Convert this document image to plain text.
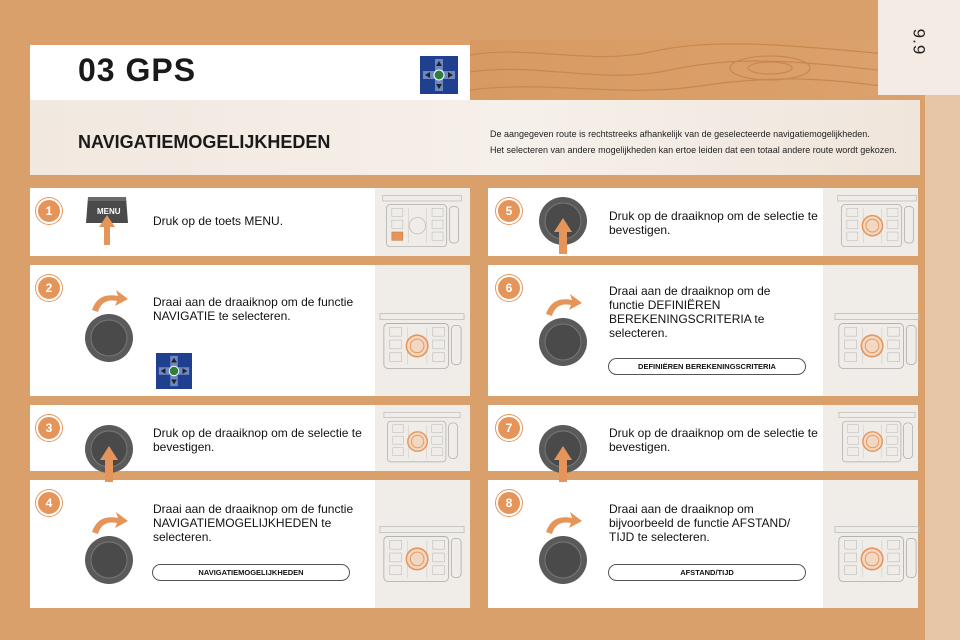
9.9
03 GPS
NAVIGATIEMOGELIJKHEDEN	De aangegeven route is rechtstreeks afhankelijk van de geselecteerde navigatiemogelijkheden.
Het selecteren van andere mogelijkheden kan ertoe leiden dat een totaal andere route wordt gekozen.
1
2
3
4
5
6
7
8
Druk op de toets MENU.
Draai aan de draaiknop om de functie NAVIGATIE te selecteren.
Druk op de draaiknop om de selectie te bevestigen.
Draai aan de draaiknop om de functie NAVIGATIEMOGELIJKHEDEN te selecteren.
Druk op de draaiknop om de selectie te bevestigen.
Draai aan de draaiknop om de functie DEFINIËREN BEREKENINGSCRITERIA te selecteren.
Druk op de draaiknop om de selectie te bevestigen.
Draai aan de draaiknop om bijvoorbeeld de functie AFSTAND/ TIJD te selecteren.
NAVIGATIEMOGELIJKHEDEN
DEFINIËREN BEREKENINGSCRITERIA
AFSTAND/TIJD
MENU
